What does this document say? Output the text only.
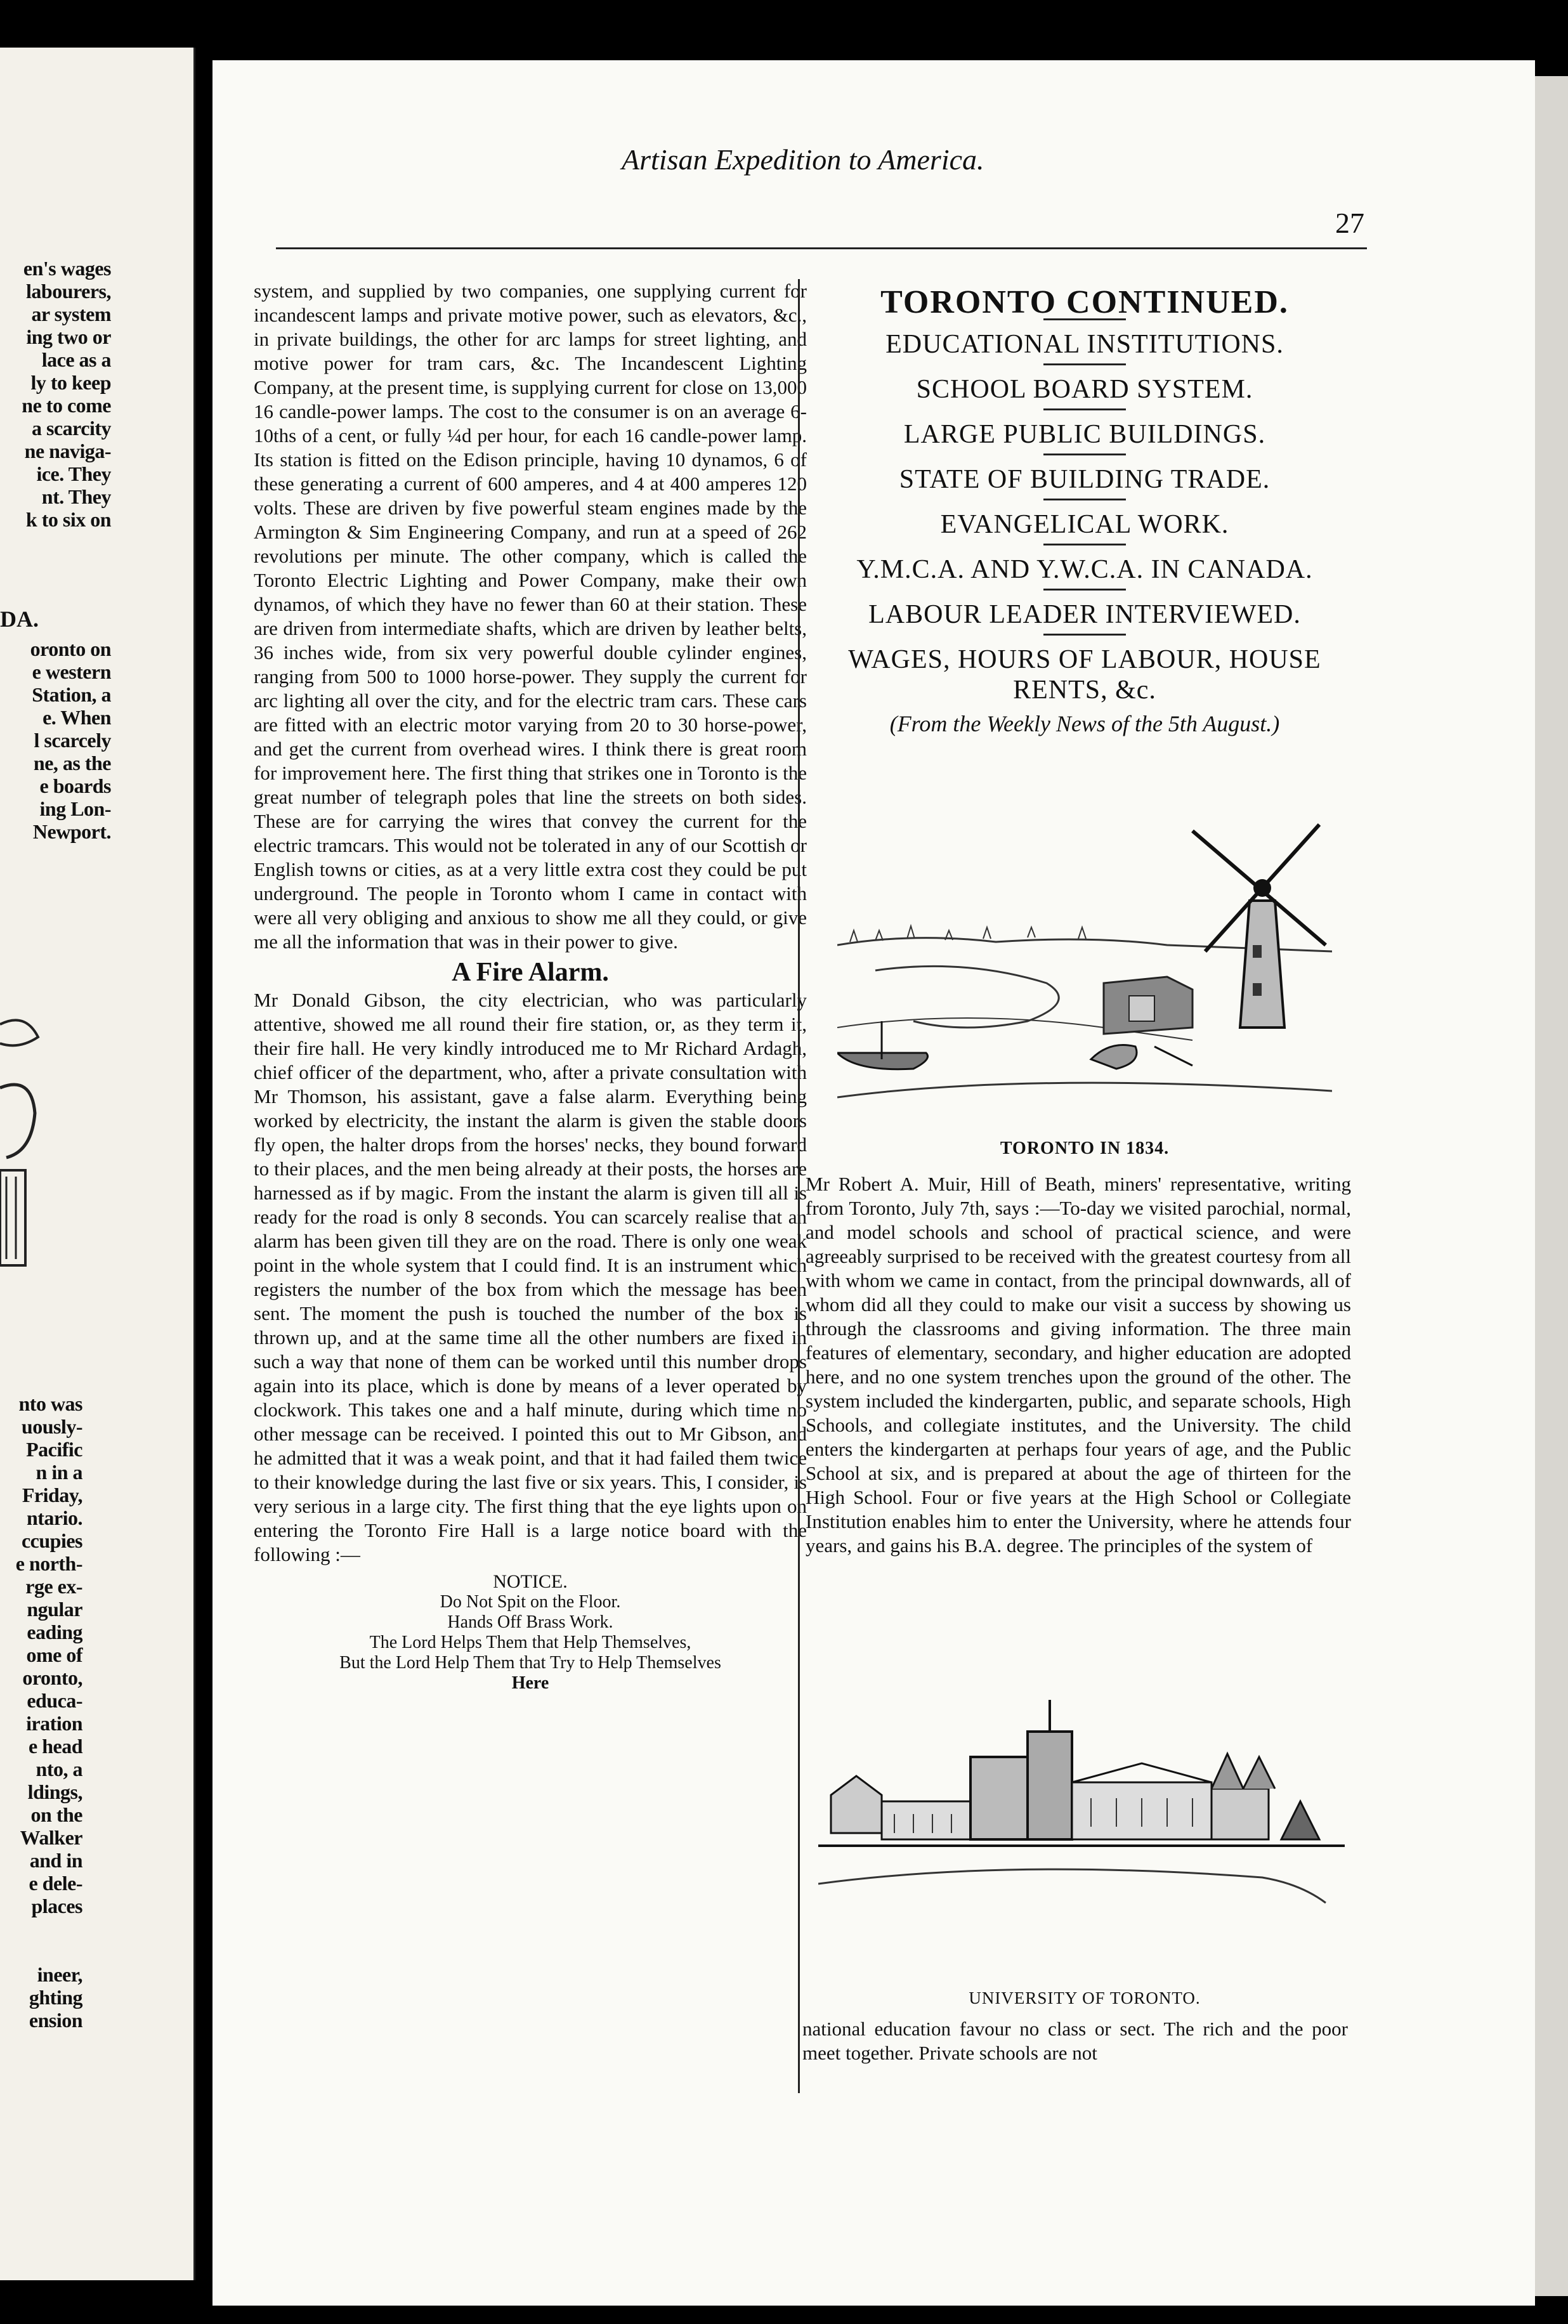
en's wages
labourers,
ar system
ing two or
lace as a
ly to keep
ne to come
a scarcity
ne naviga-
ice. They
nt. They
k to six on
DA.
oronto on
e western
Station, a
e. When
l scarcely
ne, as the
e boards
ing Lon-
Newport.
nto was
uously-
Pacific
n in a
Friday,
ntario.
ccupies
e north-
rge ex-
ngular
eading
ome of
oronto,
educa-
iration
e head
nto, a
ldings,
on the
Walker
and in
e dele-
places

ineer,
ghting
ension
Artisan Expedition to America.
27

system, and supplied by two companies, one supplying current for incandescent lamps and private motive power, such as elevators, &c., in private buildings, the other for arc lamps for street lighting, and motive power for tram cars, &c. The Incandescent Lighting Company, at the present time, is supplying current for close on 13,000 16 candle-power lamps. The cost to the consumer is on an average 6-10ths of a cent, or fully ¼d per hour, for each 16 candle-power lamp. Its station is fitted on the Edison principle, having 10 dynamos, 6 of these generating a current of 600 amperes, and 4 at 400 amperes 120 volts. These are driven by five powerful steam engines made by the Armington & Sim Engineering Company, and run at a speed of 262 revolutions per minute. The other company, which is called the Toronto Electric Lighting and Power Company, make their own dynamos, of which they have no fewer than 60 at their station. These are driven from intermediate shafts, which are driven by leather belts, 36 inches wide, from six very powerful double cylinder engines, ranging from 500 to 1000 horse-power. They supply the current for arc lighting all over the city, and for the electric tram cars. These cars are fitted with an electric motor varying from 20 to 30 horse-power, and get the current from overhead wires. I think there is great room for improvement here. The first thing that strikes one in Toronto is the great number of telegraph poles that line the streets on both sides. These are for carrying the wires that convey the current for the electric tramcars. This would not be tolerated in any of our Scottish or English towns or cities, as at a very little extra cost they could be put underground. The people in Toronto whom I came in contact with were all very obliging and anxious to show me all they could, or give me all the information that was in their power to give.

A Fire Alarm.

Mr Donald Gibson, the city electrician, who was particularly attentive, showed me all round their fire station, or, as they term it, their fire hall. He very kindly introduced me to Mr Richard Ardagh, chief officer of the department, who, after a private consultation with Mr Thomson, his assistant, gave a false alarm. Everything being worked by electricity, the instant the alarm is given the stable doors fly open, the halter drops from the horses' necks, they bound forward to their places, and the men being already at their posts, the horses are harnessed as if by magic. From the instant the alarm is given till all is ready for the road is only 8 seconds. You can scarcely realise that an alarm has been given till they are on the road. There is only one weak point in the whole system that I could find. It is an instrument which registers the number of the box from which the message has been sent. The moment the push is touched the number of the box is thrown up, and at the same time all the other numbers are fixed in such a way that none of them can be worked until this number drops again into its place, which is done by means of a lever operated by clockwork. This takes one and a half minute, during which time no other message can be received. I pointed this out to Mr Gibson, and he admitted that it was a weak point, and that it had failed them twice to their knowledge during the last five or six years. This, I consider, is very serious in a large city. The first thing that the eye lights upon on entering the Toronto Fire Hall is a large notice board with the following :—

NOTICE.
Do Not Spit on the Floor.
Hands Off Brass Work.
The Lord Helps Them that Help Themselves,
But the Lord Help Them that Try to Help Themselves
Here
TORONTO CONTINUED.
EDUCATIONAL INSTITUTIONS.
SCHOOL BOARD SYSTEM.
LARGE PUBLIC BUILDINGS.
STATE OF BUILDING TRADE.
EVANGELICAL WORK.
Y.M.C.A. AND Y.W.C.A. IN CANADA.
LABOUR LEADER INTERVIEWED.
WAGES, HOURS OF LABOUR, HOUSE RENTS, &c.
(From the Weekly News of the 5th August.)
TORONTO IN 1834.

Mr Robert A. Muir, Hill of Beath, miners' representative, writing from Toronto, July 7th, says :—To-day we visited parochial, normal, and model schools and school of practical science, and were agreeably surprised to be received with the greatest courtesy from all with whom we came in contact, from the principal downwards, all of whom did all they could to make our visit a success by showing us through the classrooms and giving information. The three main features of elementary, secondary, and higher education are adopted here, and no one system trenches upon the ground of the other. The system included the kindergarten, public, and separate schools, High Schools, and collegiate institutes, and the University. The child enters the kindergarten at perhaps four years of age, and the Public School at six, and is prepared at about the age of thirteen for the High School. Four or five years at the High School or Collegiate Institution enables him to enter the University, where he attends four years, and gains his B.A. degree. The principles of the system of

UNIVERSITY OF TORONTO.

national education favour no class or sect. The rich and the poor meet together. Private schools are not
